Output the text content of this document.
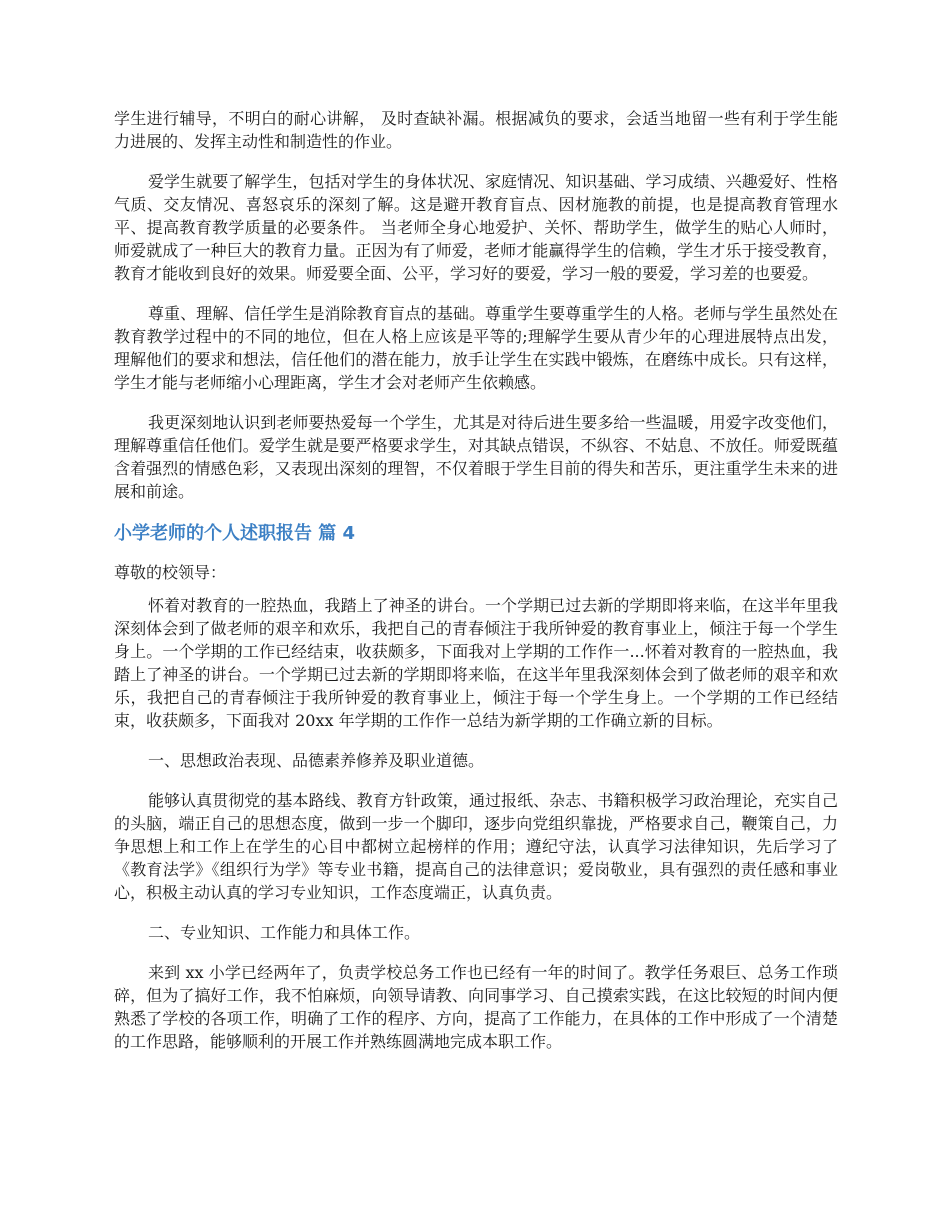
学生进行辅导，不明白的耐心讲解， 及时查缺补漏。根据减负的要求，会适当地留一些有利于学生能力进展的、发挥主动性和制造性的作业。

爱学生就要了解学生，包括对学生的身体状况、家庭情况、知识基础、学习成绩、兴趣爱好、性格气质、交友情况、喜怒哀乐的深刻了解。这是避开教育盲点、因材施教的前提，也是提高教育管理水平、提高教育教学质量的必要条件。 当老师全身心地爱护、关怀、帮助学生，做学生的贴心人师时，师爱就成了一种巨大的教育力量。正因为有了师爱，老师才能赢得学生的信赖，学生才乐于接受教育，教育才能收到良好的效果。师爱要全面、公平，学习好的要爱，学习一般的要爱，学习差的也要爱。

尊重、理解、信任学生是消除教育盲点的基础。尊重学生要尊重学生的人格。老师与学生虽然处在教育教学过程中的不同的地位，但在人格上应该是平等的;理解学生要从青少年的心理进展特点出发，理解他们的要求和想法，信任他们的潜在能力，放手让学生在实践中锻炼，在磨练中成长。只有这样，学生才能与老师缩小心理距离，学生才会对老师产生依赖感。

我更深刻地认识到老师要热爱每一个学生，尤其是对待后进生要多给一些温暖，用爱字改变他们，理解尊重信任他们。爱学生就是要严格要求学生，对其缺点错误，不纵容、不姑息、不放任。师爱既蕴含着强烈的情感色彩，又表现出深刻的理智，不仅着眼于学生目前的得失和苦乐，更注重学生未来的进展和前途。

小学老师的个人述职报告 篇 4

尊敬的校领导：

怀着对教育的一腔热血，我踏上了神圣的讲台。一个学期已过去新的学期即将来临，在这半年里我深刻体会到了做老师的艰辛和欢乐，我把自己的青春倾注于我所钟爱的教育事业上，倾注于每一个学生身上。一个学期的工作已经结束，收获颇多，下面我对上学期的工作作一...怀着对教育的一腔热血，我踏上了神圣的讲台。一个学期已过去新的学期即将来临，在这半年里我深刻体会到了做老师的艰辛和欢乐，我把自己的青春倾注于我所钟爱的教育事业上，倾注于每一个学生身上。一个学期的工作已经结束，收获颇多，下面我对 20xx 年学期的工作作一总结为新学期的工作确立新的目标。

一、思想政治表现、品德素养修养及职业道德。

能够认真贯彻党的基本路线、教育方针政策，通过报纸、杂志、书籍积极学习政治理论，充实自己的头脑，端正自己的思想态度，做到一步一个脚印，逐步向党组织靠拢，严格要求自己，鞭策自己，力争思想上和工作上在学生的心目中都树立起榜样的作用；遵纪守法，认真学习法律知识，先后学习了《教育法学》《组织行为学》等专业书籍，提高自己的法律意识；爱岗敬业，具有强烈的责任感和事业心，积极主动认真的学习专业知识，工作态度端正，认真负责。

二、专业知识、工作能力和具体工作。

来到 xx 小学已经两年了，负责学校总务工作也已经有一年的时间了。教学任务艰巨、总务工作琐碎，但为了搞好工作，我不怕麻烦，向领导请教、向同事学习、自己摸索实践，在这比较短的时间内便熟悉了学校的各项工作，明确了工作的程序、方向，提高了工作能力，在具体的工作中形成了一个清楚的工作思路，能够顺利的开展工作并熟练圆满地完成本职工作。
